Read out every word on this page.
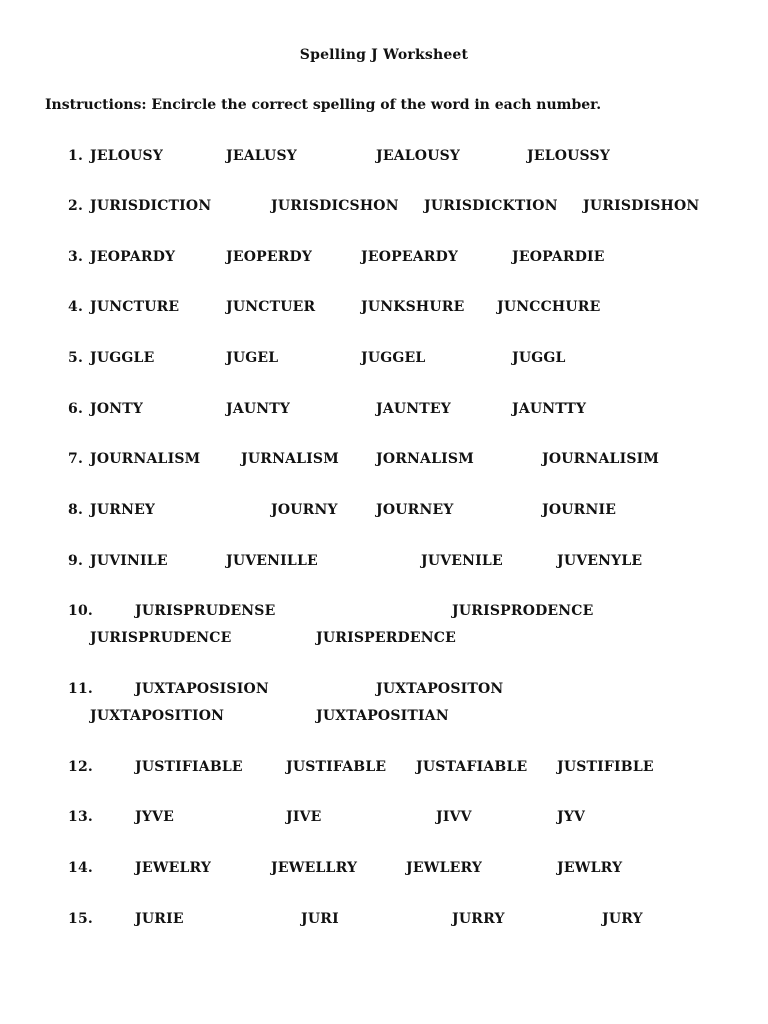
Spelling J Worksheet
Instructions: Encircle the correct spelling of the word in each number.
1. JELOUSY	JEALUSY	JEALOUSY	JELOUSSY
2. JURISDICTION	JURISDICSHON JURISDICKTION JURISDISHON
3. JEOPARDY	JEOPERDY	JEOPEARDY	JEOPARDIE
4. JUNCTURE	JUNCTUER	JUNKSHURE JUNCCHURE
5. JUGGLE	JUGEL	JUGGEL	JUGGL
6. JONTY	JAUNTY	JAUNTEY	JAUNTTY
7. JOURNALISM	JURNALISM	JORNALISM	JOURNALISIM
8. JURNEY	JOURNY	JOURNEY	JOURNIE
9. JUVINILE	JUVENILLE	JUVENILE	JUVENYLE
10.	JURISPRUDENSE	JURISPRODENCE
JURISPRUDENCE	JURISPERDENCE
11.	JUXTAPOSISION	JUXTAPOSITON
JUXTAPOSITION	JUXTAPOSITIAN
12.	JUSTIFIABLE	JUSTIFABLE JUSTAFIABLE JUSTIFIBLE
13.	JYVE	JIVE	JIVV	JYV
14.	JEWELRY	JEWELLRY	JEWLERY	JEWLRY
15.	JURIE	JURI	JURRY	JURY
